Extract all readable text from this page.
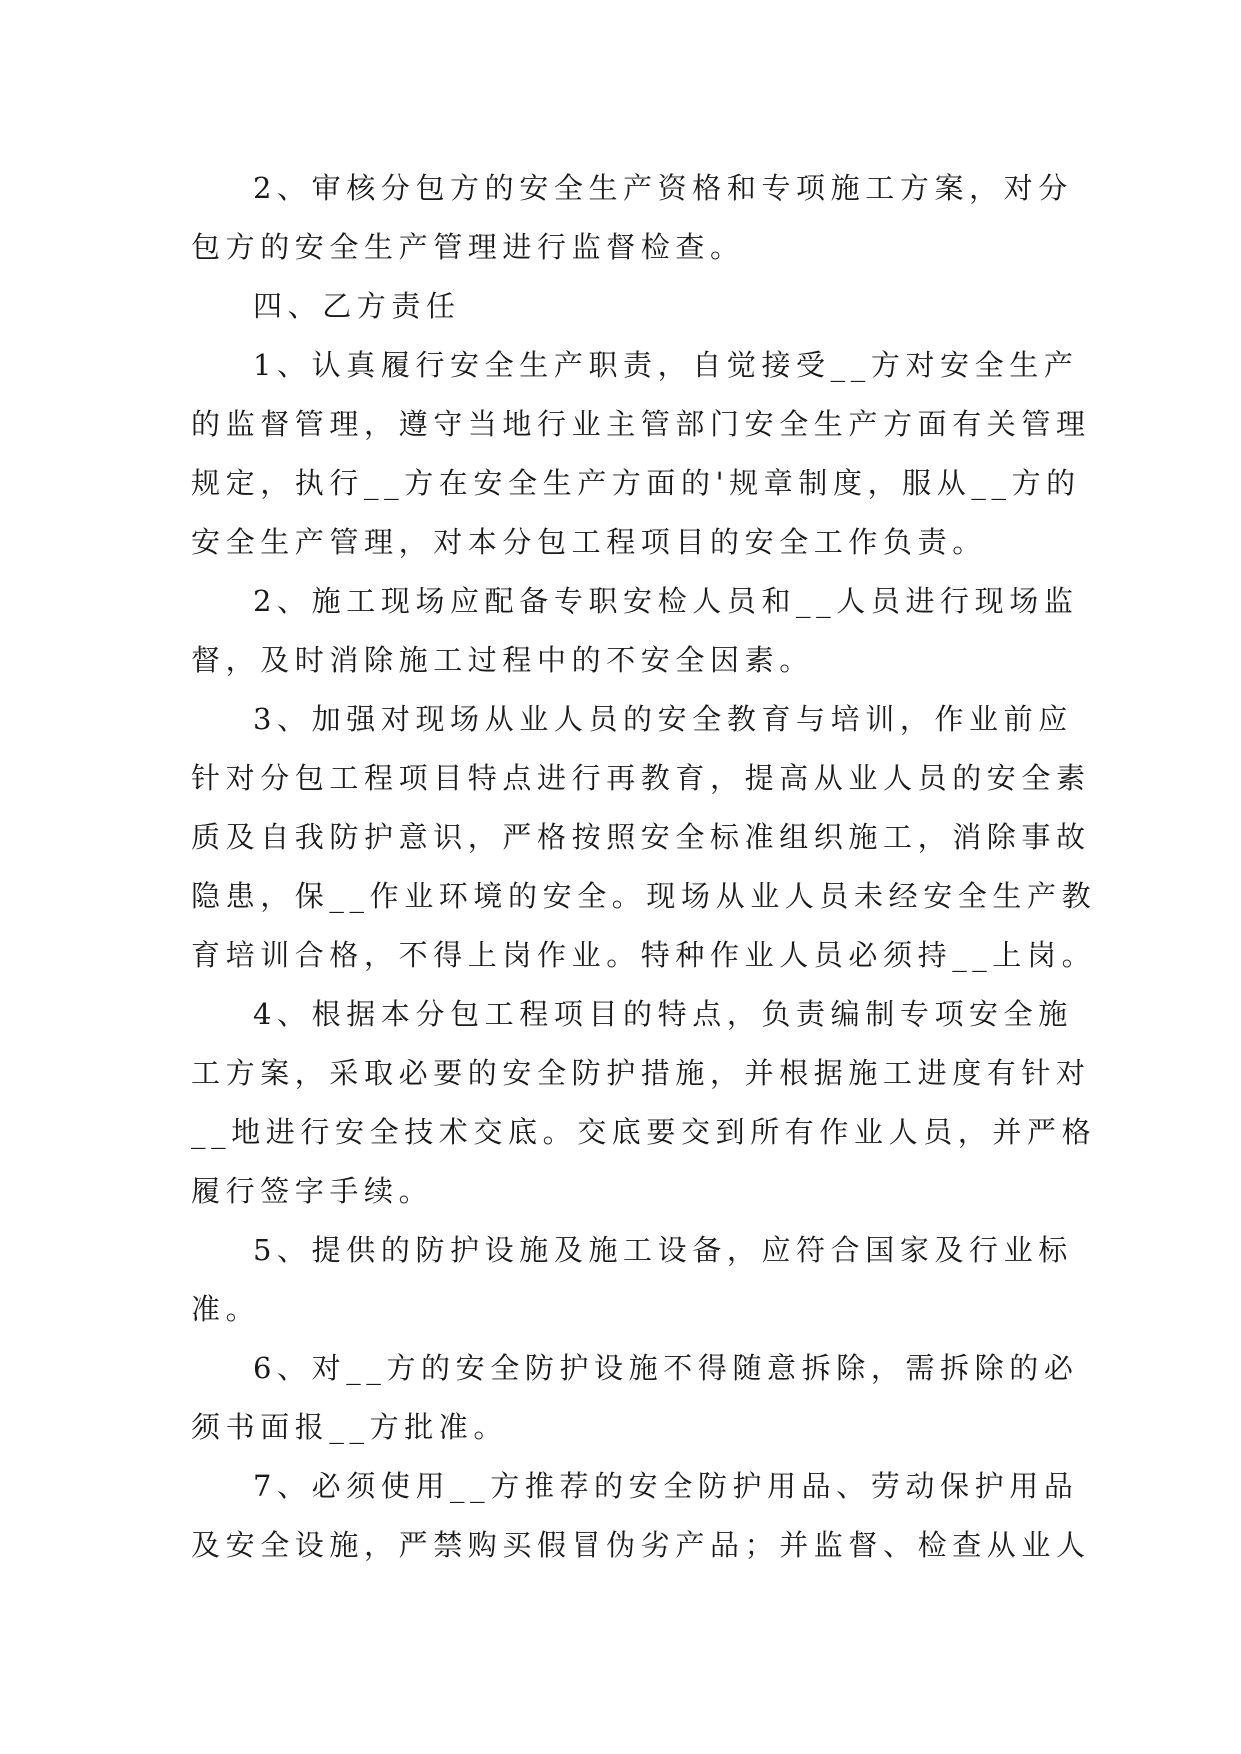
2、审核分包方的安全生产资格和专项施工方案，对分
包方的安全生产管理进行监督检查。

四、乙方责任

1、认真履行安全生产职责，自觉接受__方对安全生产
的监督管理，遵守当地行业主管部门安全生产方面有关管理
规定，执行__方在安全生产方面的'规章制度，服从__方的
安全生产管理，对本分包工程项目的安全工作负责。

2、施工现场应配备专职安检人员和__人员进行现场监
督，及时消除施工过程中的不安全因素。

3、加强对现场从业人员的安全教育与培训，作业前应
针对分包工程项目特点进行再教育，提高从业人员的安全素
质及自我防护意识，严格按照安全标准组织施工，消除事故
隐患，保__作业环境的安全。现场从业人员未经安全生产教
育培训合格，不得上岗作业。特种作业人员必须持__上岗。

4、根据本分包工程项目的特点，负责编制专项安全施
工方案，采取必要的安全防护措施，并根据施工进度有针对
__地进行安全技术交底。交底要交到所有作业人员，并严格
履行签字手续。

5、提供的防护设施及施工设备，应符合国家及行业标
准。

6、对__方的安全防护设施不得随意拆除，需拆除的必
须书面报__方批准。

7、必须使用__方推荐的安全防护用品、劳动保护用品
及安全设施，严禁购买假冒伪劣产品；并监督、检查从业人
